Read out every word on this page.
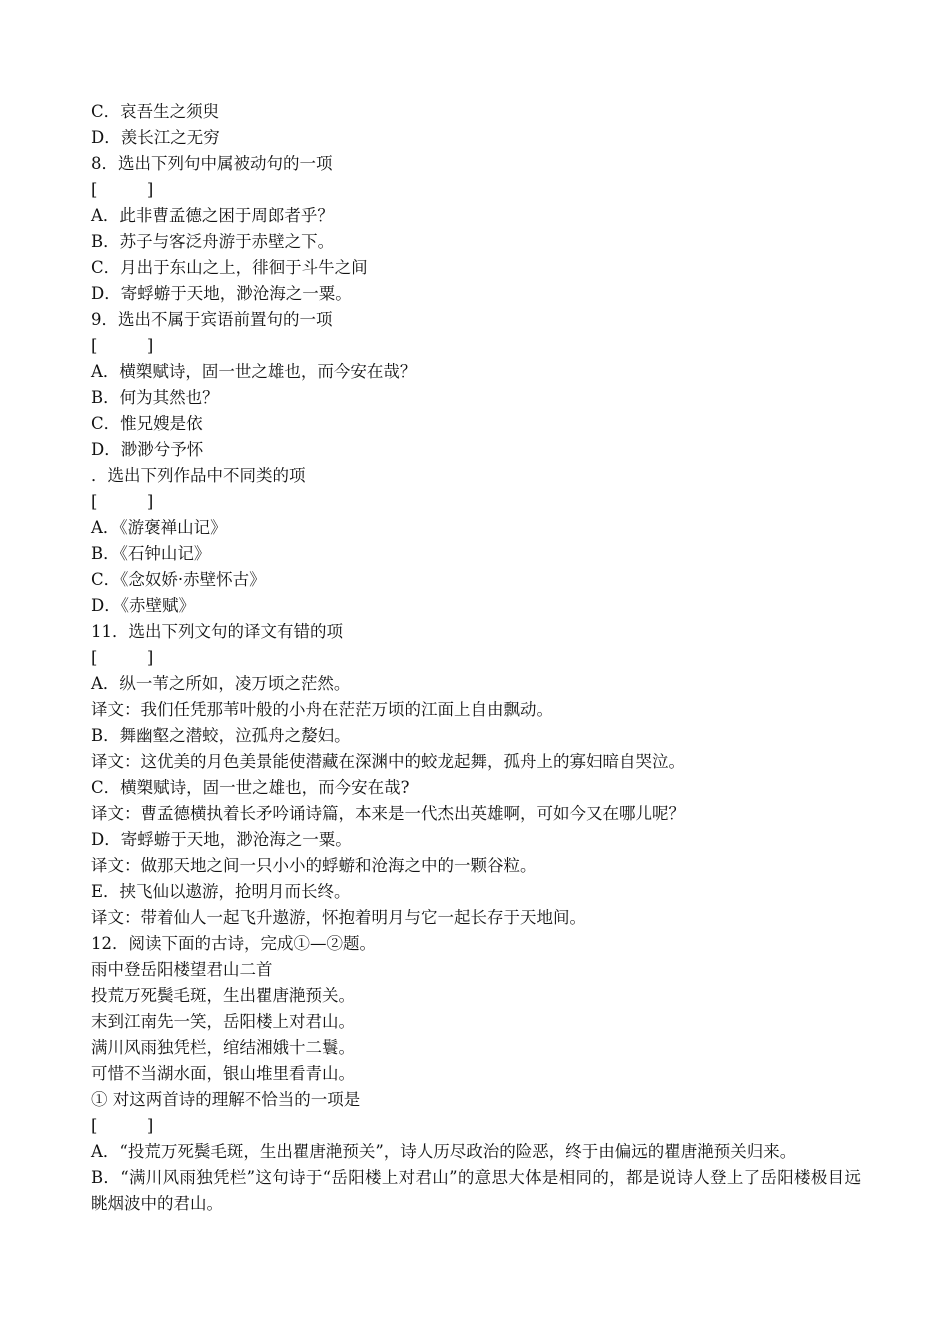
C．哀吾生之须臾
D．羡长江之无穷
8．选出下列句中属被动句的一项
[　　　]
A．此非曹孟德之困于周郎者乎？
B．苏子与客泛舟游于赤壁之下。
C．月出于东山之上，徘徊于斗牛之间
D．寄蜉蝣于天地，渺沧海之一粟。
9．选出不属于宾语前置句的一项
[　　　]
A．横槊赋诗，固一世之雄也，而今安在哉？
B．何为其然也？
C．惟兄嫂是依
D．渺渺兮予怀
．选出下列作品中不同类的项
[　　　]
A．《游褒禅山记》
B．《石钟山记》
C．《念奴娇·赤壁怀古》
D．《赤壁赋》
11．选出下列文句的译文有错的项
[　　　]
A．纵一苇之所如，凌万顷之茫然。
译文：我们任凭那苇叶般的小舟在茫茫万顷的江面上自由飘动。
B．舞幽壑之潜蛟，泣孤舟之嫠妇。
译文：这优美的月色美景能使潜藏在深渊中的蛟龙起舞，孤舟上的寡妇暗自哭泣。
C．横槊赋诗，固一世之雄也，而今安在哉?
译文：曹孟德横执着长矛吟诵诗篇，本来是一代杰出英雄啊，可如今又在哪儿呢？
D．寄蜉蝣于天地，渺沧海之一粟。
译文：做那天地之间一只小小的蜉蝣和沧海之中的一颗谷粒。
E．挟飞仙以遨游，抢明月而长终。
译文：带着仙人一起飞升遨游，怀抱着明月与它一起长存于天地间。
12．阅读下面的古诗，完成①—②题。
雨中登岳阳楼望君山二首
投荒万死鬓毛斑，生出瞿唐滟预关。
末到江南先一笑，岳阳楼上对君山。
满川风雨独凭栏，绾结湘娥十二鬟。
可惜不当湖水面，银山堆里看青山。
① 对这两首诗的理解不恰当的一项是
[　　　]
A．“投荒万死鬓毛斑，生出瞿唐滟预关”，诗人历尽政治的险恶，终于由偏远的瞿唐滟预关归来。
B．“满川风雨独凭栏”这句诗于“岳阳楼上对君山”的意思大体是相同的，都是说诗人登上了岳阳楼极目远眺烟波中的君山。
